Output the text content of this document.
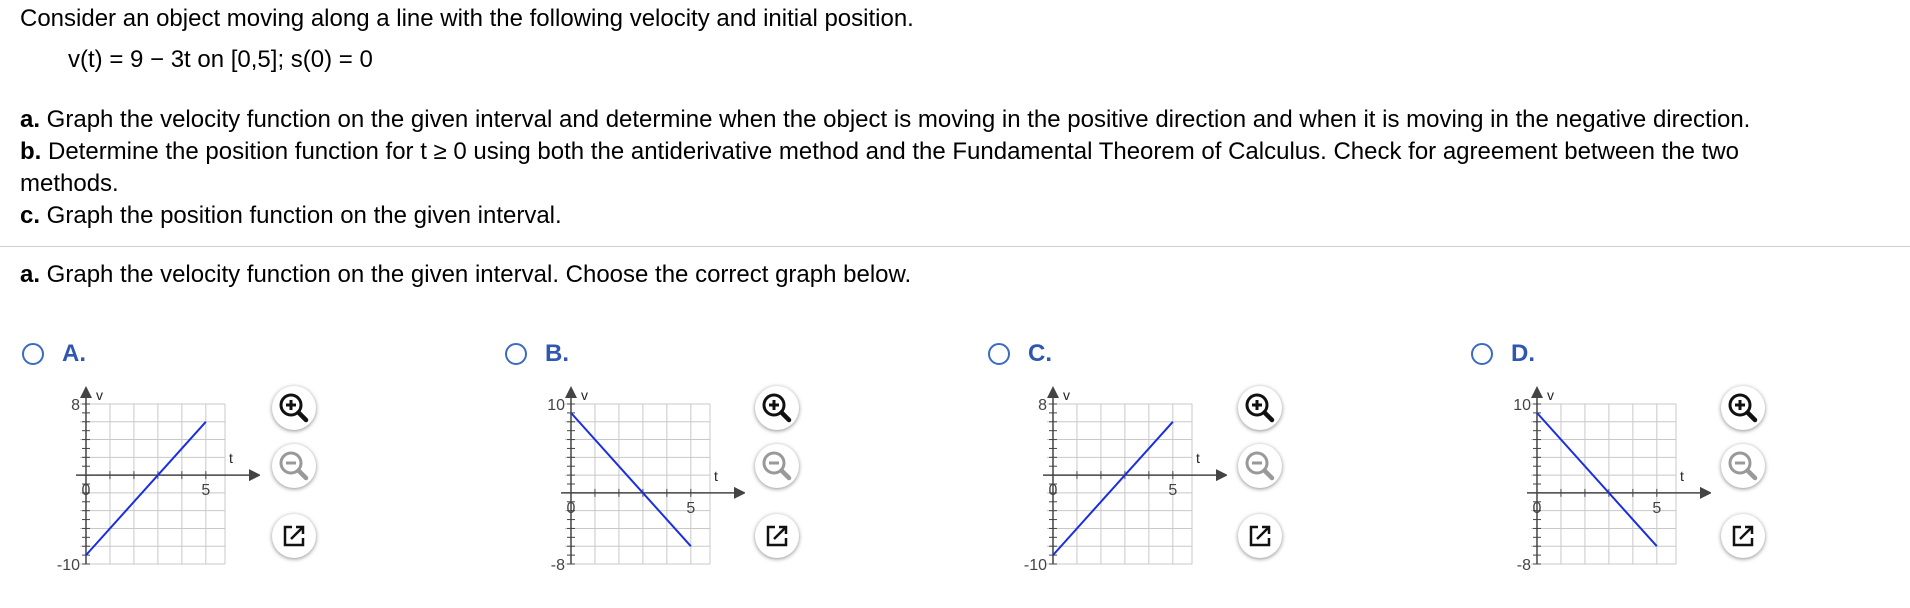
Consider an object moving along a line with the following velocity and initial position.
v(t) = 9 − 3t on [0,5]; s(0) = 0
a. Graph the velocity function on the given interval and determine when the object is moving in the positive direction and when it is moving in the negative direction.
b. Determine the position function for t ≥ 0 using both the antiderivative method and the Fundamental Theorem of Calculus. Check for agreement between the two
methods.
c. Graph the position function on the given interval.
a. Graph the velocity function on the given interval. Choose the correct graph below.
A.	B.	C.	D.
v
t
8
-10
0	5
v
t
10
-8
0	5
v
t
8
-10
0	5
v
t
10
-8
0	5
